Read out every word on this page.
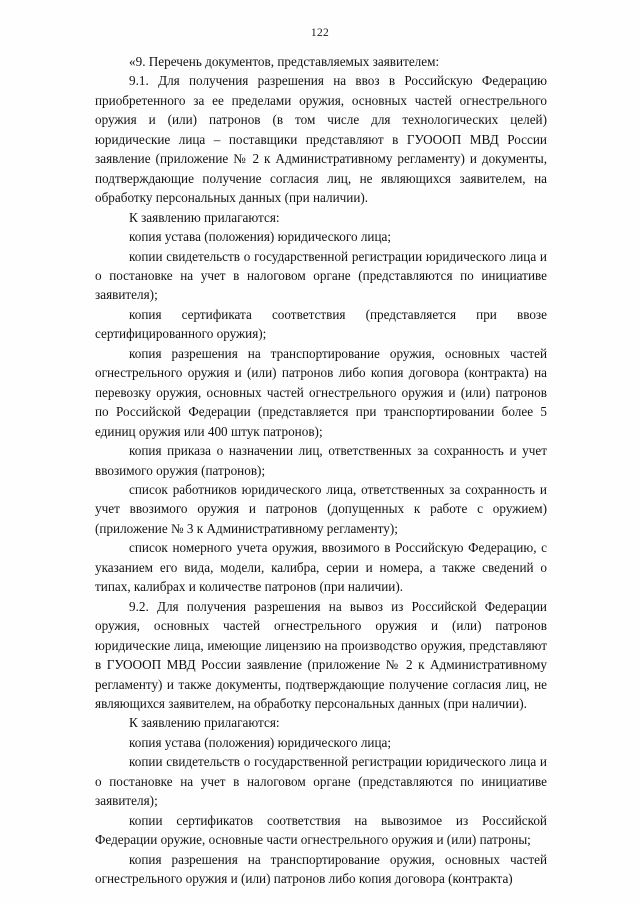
122

«9. Перечень документов, представляемых заявителем:

9.1. Для получения разрешения на ввоз в Российскую Федерацию приобретенного за ее пределами оружия, основных частей огнестрельного оружия и (или) патронов (в том числе для технологических целей) юридические лица – поставщики представляют в ГУОООП МВД России заявление (приложение № 2 к Административному регламенту) и документы, подтверждающие получение согласия лиц, не являющихся заявителем, на обработку персональных данных (при наличии).

К заявлению прилагаются:

копия устава (положения) юридического лица;

копии свидетельств о государственной регистрации юридического лица и о постановке на учет в налоговом органе (представляются по инициативе заявителя);

копия сертификата соответствия (представляется при ввозе сертифицированного оружия);

копия разрешения на транспортирование оружия, основных частей огнестрельного оружия и (или) патронов либо копия договора (контракта) на перевозку оружия, основных частей огнестрельного оружия и (или) патронов по Российской Федерации (представляется при транспортировании более 5 единиц оружия или 400 штук патронов);

копия приказа о назначении лиц, ответственных за сохранность и учет ввозимого оружия (патронов);

список работников юридического лица, ответственных за сохранность и учет ввозимого оружия и патронов (допущенных к работе с оружием) (приложение № 3 к Административному регламенту);

список номерного учета оружия, ввозимого в Российскую Федерацию, с указанием его вида, модели, калибра, серии и номера, а также сведений о типах, калибрах и количестве патронов (при наличии).

9.2. Для получения разрешения на вывоз из Российской Федерации оружия, основных частей огнестрельного оружия и (или) патронов юридические лица, имеющие лицензию на производство оружия, представляют в ГУОООП МВД России заявление (приложение № 2 к Административному регламенту) и также документы, подтверждающие получение согласия лиц, не являющихся заявителем, на обработку персональных данных (при наличии).

К заявлению прилагаются:

копия устава (положения) юридического лица;

копии свидетельств о государственной регистрации юридического лица и о постановке на учет в налоговом органе (представляются по инициативе заявителя);

копии сертификатов соответствия на вывозимое из Российской Федерации оружие, основные части огнестрельного оружия и (или) патроны;

копия разрешения на транспортирование оружия, основных частей огнестрельного оружия и (или) патронов либо копия договора (контракта)
